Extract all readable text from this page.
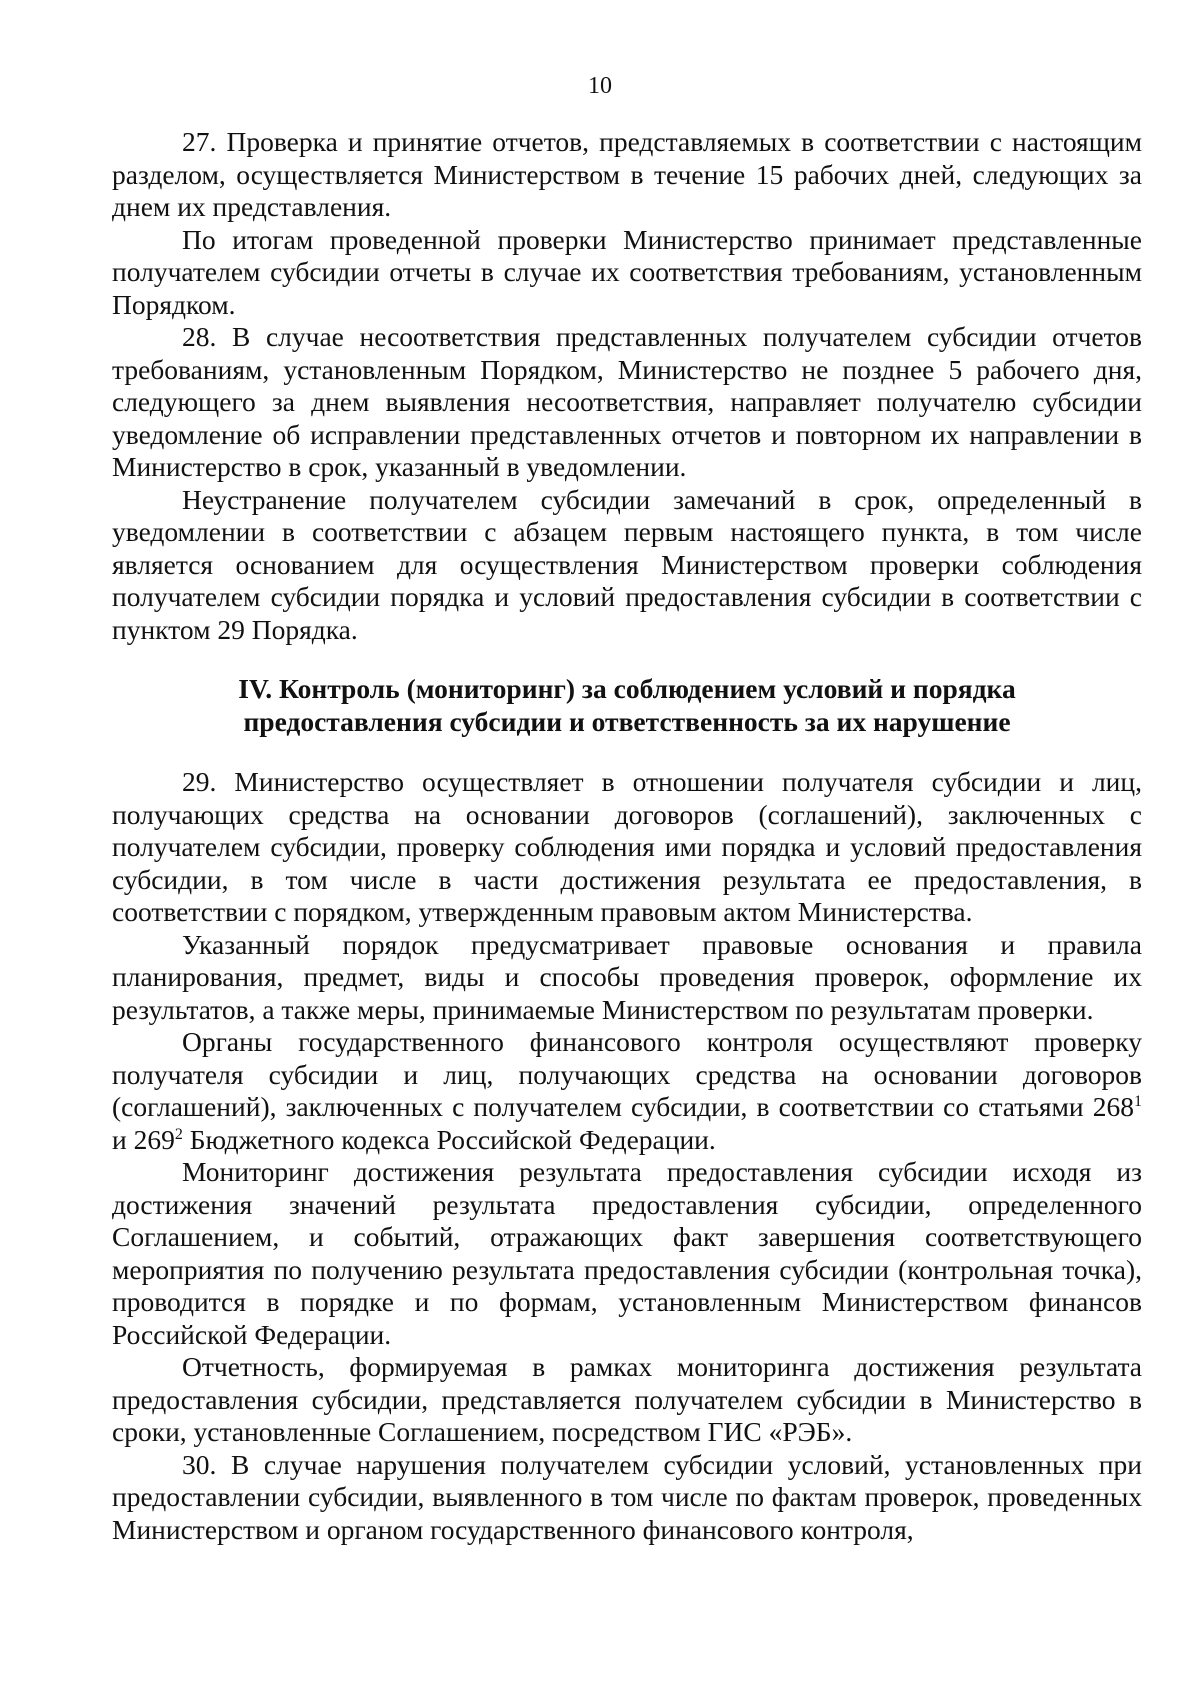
10

27. Проверка и принятие отчетов, представляемых в соответствии с настоящим разделом, осуществляется Министерством в течение 15 рабочих дней, следующих за днем их представления.

По итогам проведенной проверки Министерство принимает представленные получателем субсидии отчеты в случае их соответствия требованиям, установленным Порядком.

28. В случае несоответствия представленных получателем субсидии отчетов требованиям, установленным Порядком, Министерство не позднее 5 рабочего дня, следующего за днем выявления несоответствия, направляет получателю субсидии уведомление об исправлении представленных отчетов и повторном их направлении в Министерство в срок, указанный в уведомлении.

Неустранение получателем субсидии замечаний в срок, определенный в уведомлении в соответствии с абзацем первым настоящего пункта, в том числе является основанием для осуществления Министерством проверки соблюдения получателем субсидии порядка и условий предоставления субсидии в соответствии с пунктом 29 Порядка.

IV. Контроль (мониторинг) за соблюдением условий и порядка
предоставления субсидии и ответственность за их нарушение

29. Министерство осуществляет в отношении получателя субсидии и лиц, получающих средства на основании договоров (соглашений), заключенных с получателем субсидии, проверку соблюдения ими порядка и условий предоставления субсидии, в том числе в части достижения результата ее предоставления, в соответствии с порядком, утвержденным правовым актом Министерства.

Указанный порядок предусматривает правовые основания и правила планирования, предмет, виды и способы проведения проверок, оформление их результатов, а также меры, принимаемые Министерством по результатам проверки.

Органы государственного финансового контроля осуществляют проверку получателя субсидии и лиц, получающих средства на основании договоров (соглашений), заключенных с получателем субсидии, в соответствии со статьями $268^1$ и $269^2$ Бюджетного кодекса Российской Федерации.

Мониторинг достижения результата предоставления субсидии исходя из достижения значений результата предоставления субсидии, определенного Соглашением, и событий, отражающих факт завершения соответствующего мероприятия по получению результата предоставления субсидии (контрольная точка), проводится в порядке и по формам, установленным Министерством финансов Российской Федерации.

Отчетность, формируемая в рамках мониторинга достижения результата предоставления субсидии, представляется получателем субсидии в Министерство в сроки, установленные Соглашением, посредством ГИС «РЭБ».

30. В случае нарушения получателем субсидии условий, установленных при предоставлении субсидии, выявленного в том числе по фактам проверок, проведенных Министерством и органом государственного финансового контроля,
